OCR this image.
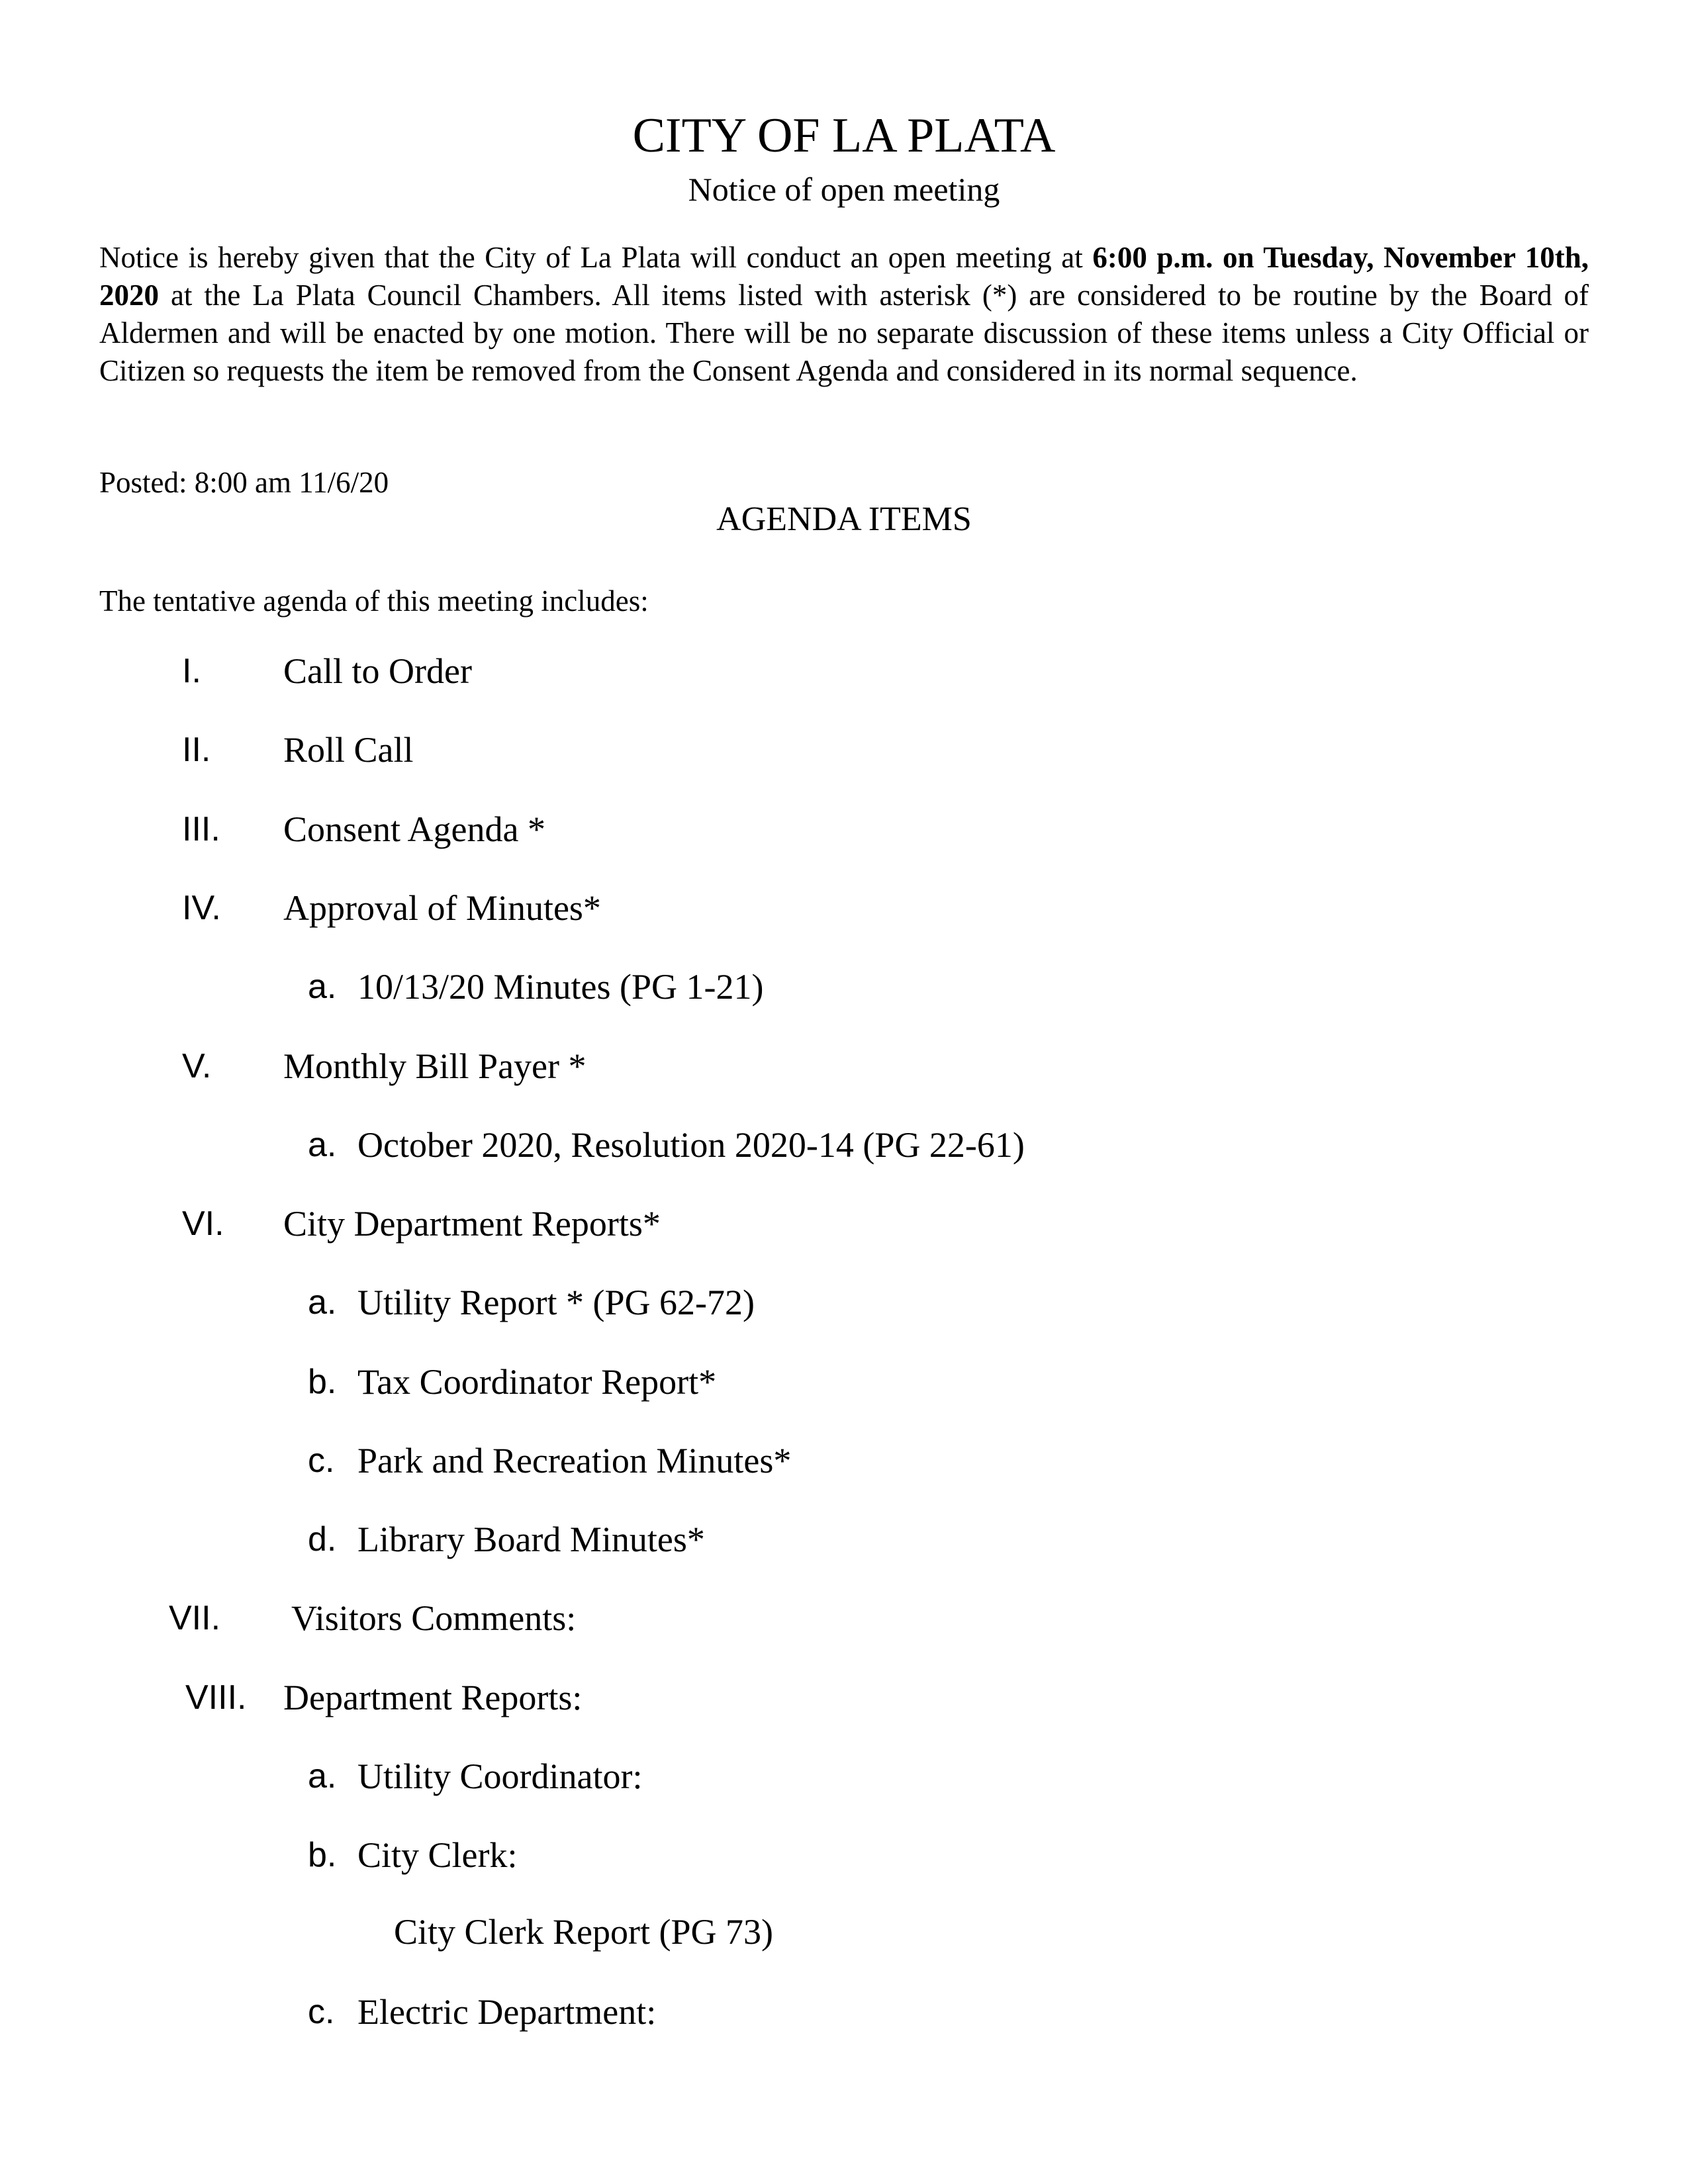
CITY OF LA PLATA
Notice of open meeting

Notice is hereby given that the City of La Plata will conduct an open meeting at 6:00 p.m. on Tuesday, November 10th, 2020 at the La Plata Council Chambers. All items listed with asterisk (*) are considered to be routine by the Board of Aldermen and will be enacted by one motion. There will be no separate discussion of these items unless a City Official or Citizen so requests the item be removed from the Consent Agenda and considered in its normal sequence.

Posted: 8:00 am 11/6/20
AGENDA ITEMS
The tentative agenda of this meeting includes:
I. Call to Order
II. Roll Call
III. Consent Agenda *
IV. Approval of Minutes*
a. 10/13/20 Minutes (PG 1-21)
V. Monthly Bill Payer *
a. October 2020, Resolution 2020-14 (PG 22-61)
VI. City Department Reports*
a. Utility Report * (PG 62-72)
b. Tax Coordinator Report*
c. Park and Recreation Minutes*
d. Library Board Minutes*
VII. Visitors Comments:
VIII. Department Reports:
a. Utility Coordinator:
b. City Clerk:
City Clerk Report (PG 73)
c. Electric Department:
